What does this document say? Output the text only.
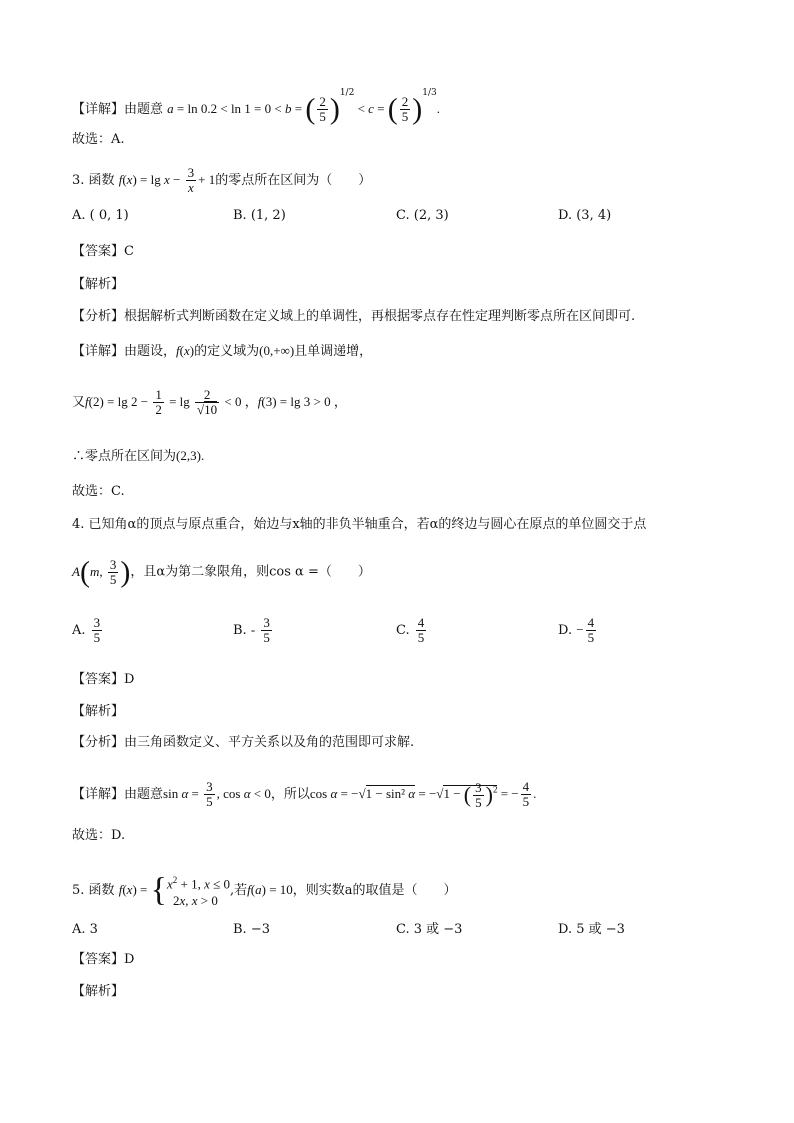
【详解】由题意 a = ln 0.2 < ln 1 = 0 < b = ( $\frac{2}{5} )^{1/2} < c$ = ( $\frac{2}{5} )^{1/3}$.
故选：A.
3. 函数 $f(x) = \lg x - \frac{3}{x} + 1$的零点所在区间为（　　）
A. ( 0, 1)	B. (1, 2)	C. (2, 3)	D. (3, 4)
【答案】C
【解析】
【分析】根据解析式判断函数在定义域上的单调性，再根据零点存在性定理判断零点所在区间即可.
【详解】由题设，f(x)的定义域为(0,+∞)且单调递增，
又$f(2) = \lg 2 - \frac{1}{2} = \lg \frac{2}{√10} < 0$ ，f(3) = lg 3 > 0 ，
∴零点所在区间为(2,3).
故选：C.
4. 已知角α的顶点与原点重合，始边与x轴的非负半轴重合，若α的终边与圆心在原点的单位圆交于点
A(m, $\frac{3}{5}$ )，且α为第二象限角，则cos α =（　　）
A. $\frac{3}{5}$	B. - $\frac{3}{5}$	C. $\frac{4}{5}$	D. − $\frac{4}{5}$
【答案】D
【解析】
【分析】由三角函数定义、平方关系以及角的范围即可求解.
【详解】由题意$\sin \alpha = \frac{3}{5}$ , cos α < 0，所以cos α = −√1 − sin² α = −√1 − ( $\frac{3}{5} )^2$ = − $\frac{4}{5}$ .
故选：D.
5. 函数 f(x) = { $x^2 + 1$, x ≤ 0
2x, x > 0
,若f(a) = 10，则实数a的取值是（　　）
A. 3	B. −3	C. 3 或 −3	D. 5 或 −3
【答案】D
【解析】
